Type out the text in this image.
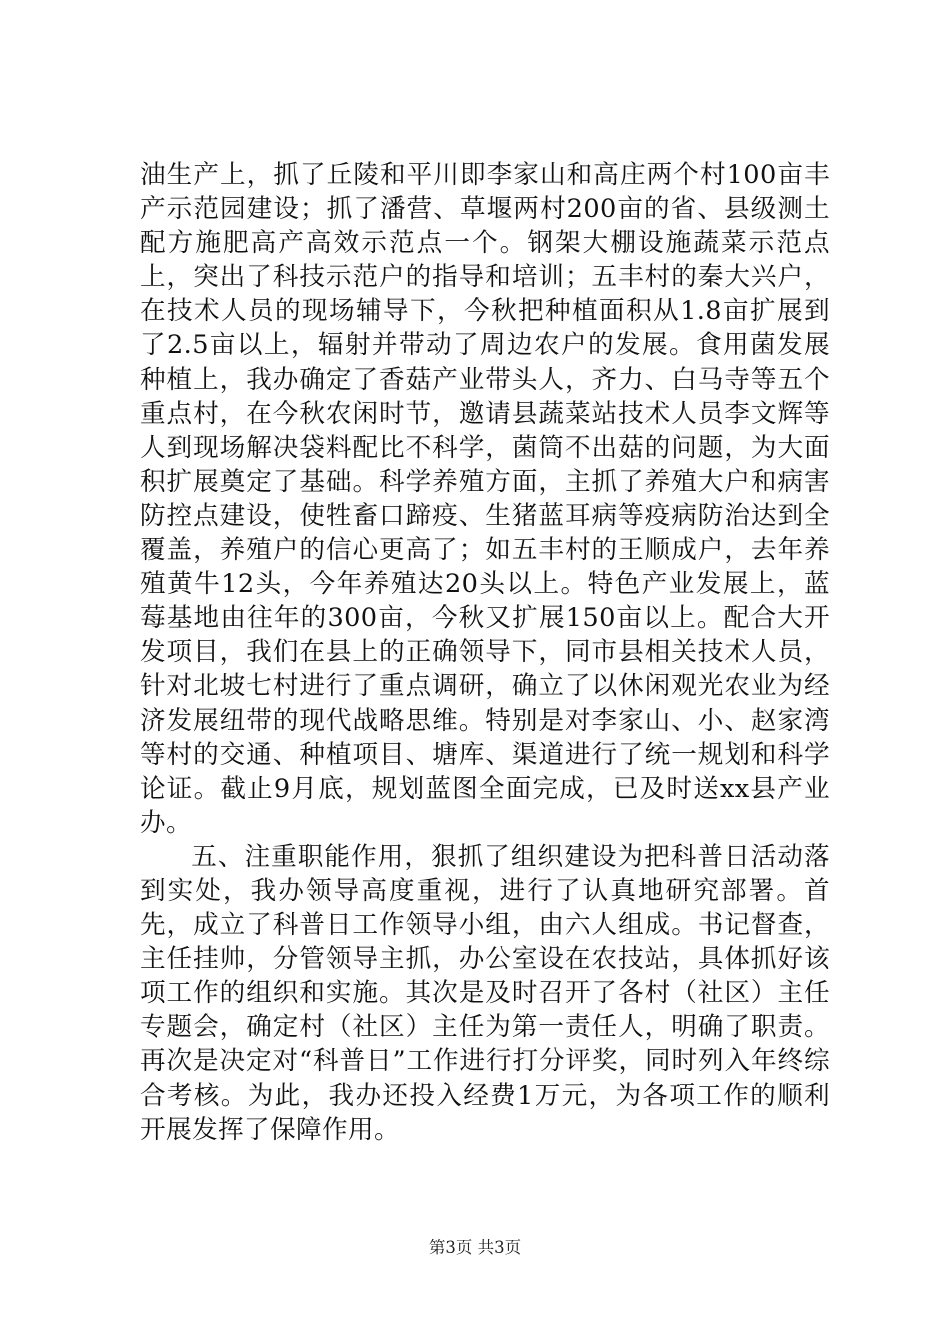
油生产上，抓了丘陵和平川即李家山和高庄两个村100亩丰产示范园建设；抓了潘营、草堰两村200亩的省、县级测土配方施肥高产高效示范点一个。钢架大棚设施蔬菜示范点上，突出了科技示范户的指导和培训；五丰村的秦大兴户，在技术人员的现场辅导下，今秋把种植面积从1.8亩扩展到了2.5亩以上，辐射并带动了周边农户的发展。食用菌发展种植上，我办确定了香菇产业带头人，齐力、白马寺等五个重点村，在今秋农闲时节，邀请县蔬菜站技术人员李文辉等人到现场解决袋料配比不科学，菌筒不出菇的问题，为大面积扩展奠定了基础。科学养殖方面，主抓了养殖大户和病害防控点建设，使牲畜口蹄疫、生猪蓝耳病等疫病防治达到全覆盖，养殖户的信心更高了；如五丰村的王顺成户，去年养殖黄牛12头，今年养殖达20头以上。特色产业发展上，蓝莓基地由往年的300亩，今秋又扩展150亩以上。配合大开发项目，我们在县上的正确领导下，同市县相关技术人员，针对北坡七村进行了重点调研，确立了以休闲观光农业为经济发展纽带的现代战略思维。特别是对李家山、小、赵家湾等村的交通、种植项目、塘库、渠道进行了统一规划和科学论证。截止9月底，规划蓝图全面完成，已及时送xx县产业办。

五、注重职能作用，狠抓了组织建设为把科普日活动落到实处，我办领导高度重视，进行了认真地研究部署。首先，成立了科普日工作领导小组，由六人组成。书记督查，主任挂帅，分管领导主抓，办公室设在农技站，具体抓好该项工作的组织和实施。其次是及时召开了各村（社区）主任专题会，确定村（社区）主任为第一责任人，明确了职责。再次是决定对“科普日”工作进行打分评奖，同时列入年终综合考核。为此，我办还投入经费1万元，为各项工作的顺利开展发挥了保障作用。

第3页 共3页
